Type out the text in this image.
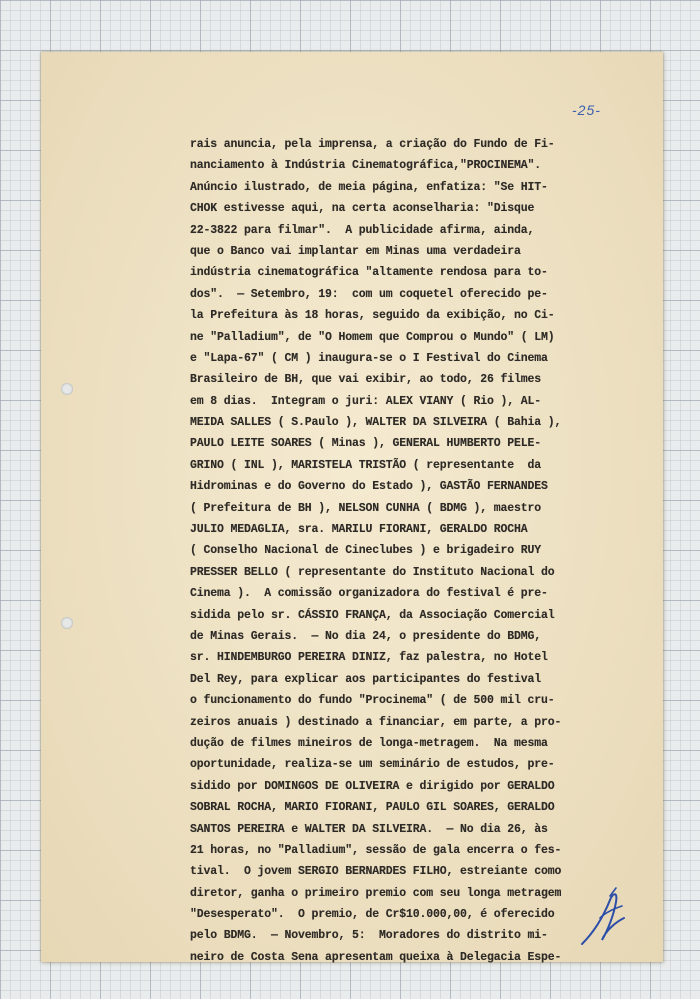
-25-
rais anuncia, pela imprensa, a criação do Fundo de Fi-
nanciamento à Indústria Cinematográfica,"PROCINEMA".
Anúncio ilustrado, de meia página, enfatiza: "Se HIT-
CHOK estivesse aqui, na certa aconselharia: "Disque
22-3822 para filmar".  A publicidade afirma, ainda,
que o Banco vai implantar em Minas uma verdadeira
indústria cinematográfica "altamente rendosa para to-
dos".  — Setembro, 19:  com um coquetel oferecido pe-
la Prefeitura às 18 horas, seguido da exibição, no Ci-
ne "Palladium", de "O Homem que Comprou o Mundo" ( LM)
e "Lapa-67" ( CM ) inaugura-se o I Festival do Cinema
Brasileiro de BH, que vai exibir, ao todo, 26 filmes
em 8 dias.  Integram o juri: ALEX VIANY ( Rio ), AL-
MEIDA SALLES ( S.Paulo ), WALTER DA SILVEIRA ( Bahia ),
PAULO LEITE SOARES ( Minas ), GENERAL HUMBERTO PELE-
GRINO ( INL ), MARISTELA TRISTÃO ( representante  da
Hidrominas e do Governo do Estado ), GASTÃO FERNANDES
( Prefeitura de BH ), NELSON CUNHA ( BDMG ), maestro
JULIO MEDAGLIA, sra. MARILU FIORANI, GERALDO ROCHA
( Conselho Nacional de Cineclubes ) e brigadeiro RUY
PRESSER BELLO ( representante do Instituto Nacional do
Cinema ).  A comissão organizadora do festival é pre-
sidida pelo sr. CÁSSIO FRANÇA, da Associação Comercial
de Minas Gerais.  — No dia 24, o presidente do BDMG,
sr. HINDEMBURGO PEREIRA DINIZ, faz palestra, no Hotel
Del Rey, para explicar aos participantes do festival
o funcionamento do fundo "Procinema" ( de 500 mil cru-
zeiros anuais ) destinado a financiar, em parte, a pro-
dução de filmes mineiros de longa-metragem.  Na mesma
oportunidade, realiza-se um seminário de estudos, pre-
sidido por DOMINGOS DE OLIVEIRA e dirigido por GERALDO
SOBRAL ROCHA, MARIO FIORANI, PAULO GIL SOARES, GERALDO
SANTOS PEREIRA e WALTER DA SILVEIRA.  — No dia 26, às
21 horas, no "Palladium", sessão de gala encerra o fes-
tival.  O jovem SERGIO BERNARDES FILHO, estreiante como
diretor, ganha o primeiro premio com seu longa metragem
"Desesperato".  O premio, de Cr$10.000,00, é oferecido
pelo BDMG.  — Novembro, 5:  Moradores do distrito mi-
neiro de Costa Sena apresentam queixa à Delegacia Espe-
